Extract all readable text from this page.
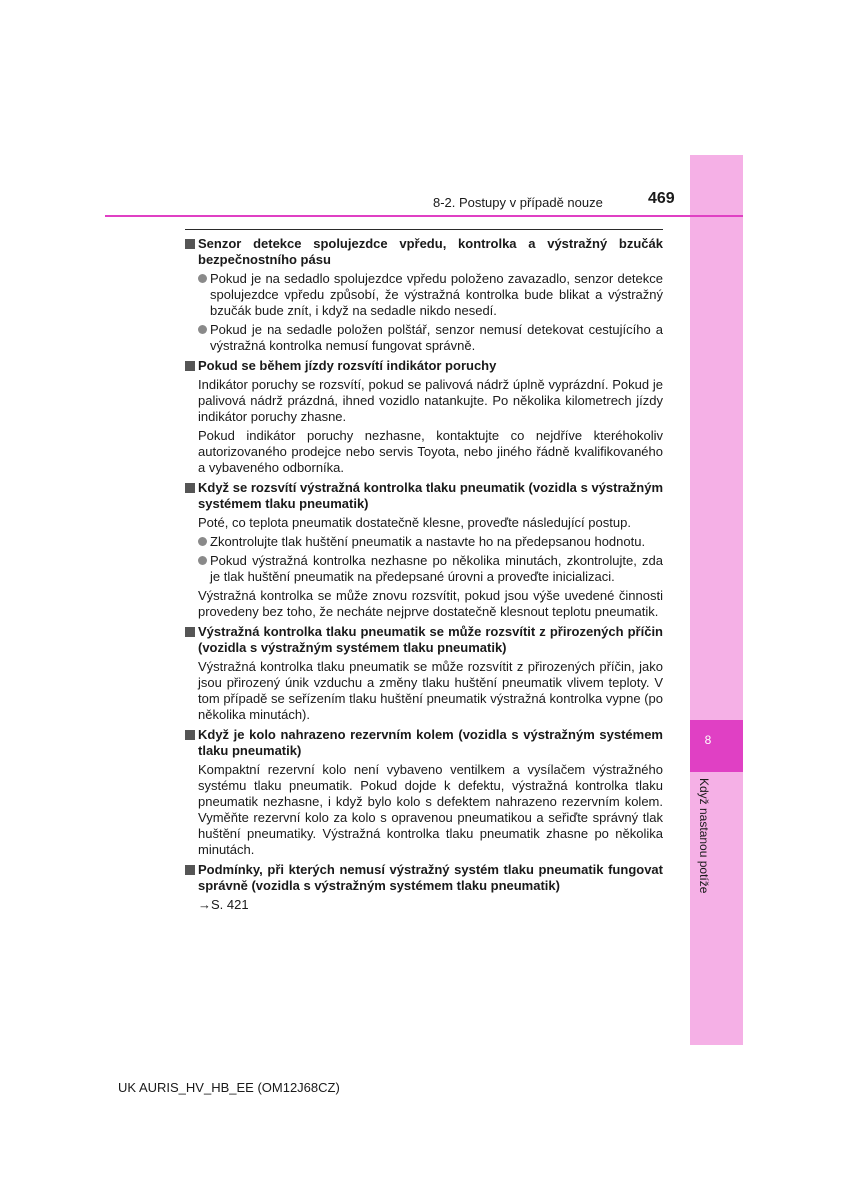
8
Když nastanou potíže
8-2. Postupy v případě nouze	469
Senzor detekce spolujezdce vpředu, kontrolka a výstražný bzučák bezpečnostního pásu
Pokud je na sedadlo spolujezdce vpředu položeno zavazadlo, senzor detekce spolujezdce vpředu způsobí, že výstražná kontrolka bude blikat a výstražný bzučák bude znít, i když na sedadle nikdo nesedí.
Pokud je na sedadle položen polštář, senzor nemusí detekovat cestujícího a výstražná kontrolka nemusí fungovat správně.
Pokud se během jízdy rozsvítí indikátor poruchy
Indikátor poruchy se rozsvítí, pokud se palivová nádrž úplně vyprázdní. Pokud je palivová nádrž prázdná, ihned vozidlo natankujte. Po několika kilometrech jízdy indikátor poruchy zhasne.
Pokud indikátor poruchy nezhasne, kontaktujte co nejdříve kteréhokoliv autorizovaného prodejce nebo servis Toyota, nebo jiného řádně kvalifikovaného a vybaveného odborníka.
Když se rozsvítí výstražná kontrolka tlaku pneumatik (vozidla s výstražným systémem tlaku pneumatik)
Poté, co teplota pneumatik dostatečně klesne, proveďte následující postup.
Zkontrolujte tlak huštění pneumatik a nastavte ho na předepsanou hodnotu.
Pokud výstražná kontrolka nezhasne po několika minutách, zkontrolujte, zda je tlak huštění pneumatik na předepsané úrovni a proveďte inicializaci.
Výstražná kontrolka se může znovu rozsvítit, pokud jsou výše uvedené činnosti provedeny bez toho, že necháte nejprve dostatečně klesnout teplotu pneumatik.
Výstražná kontrolka tlaku pneumatik se může rozsvítit z přirozených příčin (vozidla s výstražným systémem tlaku pneumatik)
Výstražná kontrolka tlaku pneumatik se může rozsvítit z přirozených příčin, jako jsou přirozený únik vzduchu a změny tlaku huštění pneumatik vlivem teploty. V tom případě se seřízením tlaku huštění pneumatik výstražná kontrolka vypne (po několika minutách).
Když je kolo nahrazeno rezervním kolem (vozidla s výstražným systémem tlaku pneumatik)
Kompaktní rezervní kolo není vybaveno ventilkem a vysílačem výstražného systému tlaku pneumatik. Pokud dojde k defektu, výstražná kontrolka tlaku pneumatik nezhasne, i když bylo kolo s defektem nahrazeno rezervním kolem. Vyměňte rezervní kolo za kolo s opravenou pneumatikou a seřiďte správný tlak huštění pneumatiky. Výstražná kontrolka tlaku pneumatik zhasne po několika minutách.
Podmínky, při kterých nemusí výstražný systém tlaku pneumatik fungovat správně (vozidla s výstražným systémem tlaku pneumatik)
→S. 421
UK AURIS_HV_HB_EE (OM12J68CZ)
